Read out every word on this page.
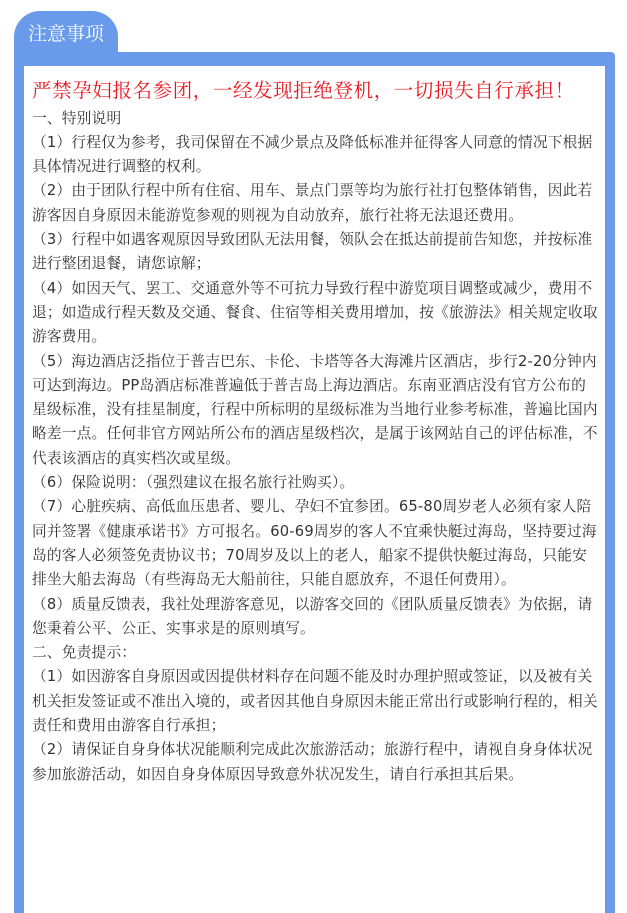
注意事项

严禁孕妇报名参团，一经发现拒绝登机，一切损失自行承担！

一、特别说明

（1）行程仅为参考，我司保留在不减少景点及降低标准并征得客人同意的情况下根据具体情况进行调整的权利。

（2）由于团队行程中所有住宿、用车、景点门票等均为旅行社打包整体销售，因此若游客因自身原因未能游览参观的则视为自动放弃，旅行社将无法退还费用。

（3）行程中如遇客观原因导致团队无法用餐，领队会在抵达前提前告知您，并按标准进行整团退餐，请您谅解；

（4）如因天气、罢工、交通意外等不可抗力导致行程中游览项目调整或减少，费用不退；如造成行程天数及交通、餐食、住宿等相关费用增加，按《旅游法》相关规定收取游客费用。

（5）海边酒店泛指位于普吉巴东、卡伦、卡塔等各大海滩片区酒店，步行2-20分钟内可达到海边。PP岛酒店标准普遍低于普吉岛上海边酒店。东南亚酒店没有官方公布的星级标准，没有挂星制度，行程中所标明的星级标准为当地行业参考标准，普遍比国内略差一点。任何非官方网站所公布的酒店星级档次，是属于该网站自己的评估标准，不代表该酒店的真实档次或星级。

（6）保险说明：（强烈建议在报名旅行社购买）。

（7）心脏疾病、高低血压患者、婴儿、孕妇不宜参团。65-80周岁老人必须有家人陪同并签署《健康承诺书》方可报名。60-69周岁的客人不宜乘快艇过海岛，坚持要过海岛的客人必须签免责协议书；70周岁及以上的老人，船家不提供快艇过海岛，只能安排坐大船去海岛（有些海岛无大船前往，只能自愿放弃，不退任何费用）。

（8）质量反馈表，我社处理游客意见，以游客交回的《团队质量反馈表》为依据，请您秉着公平、公正、实事求是的原则填写。

二、免责提示：

（1）如因游客自身原因或因提供材料存在问题不能及时办理护照或签证，以及被有关机关拒发签证或不准出入境的，或者因其他自身原因未能正常出行或影响行程的，相关责任和费用由游客自行承担；

（2）请保证自身身体状况能顺利完成此次旅游活动；旅游行程中，请视自身身体状况参加旅游活动，如因自身身体原因导致意外状况发生，请自行承担其后果。
